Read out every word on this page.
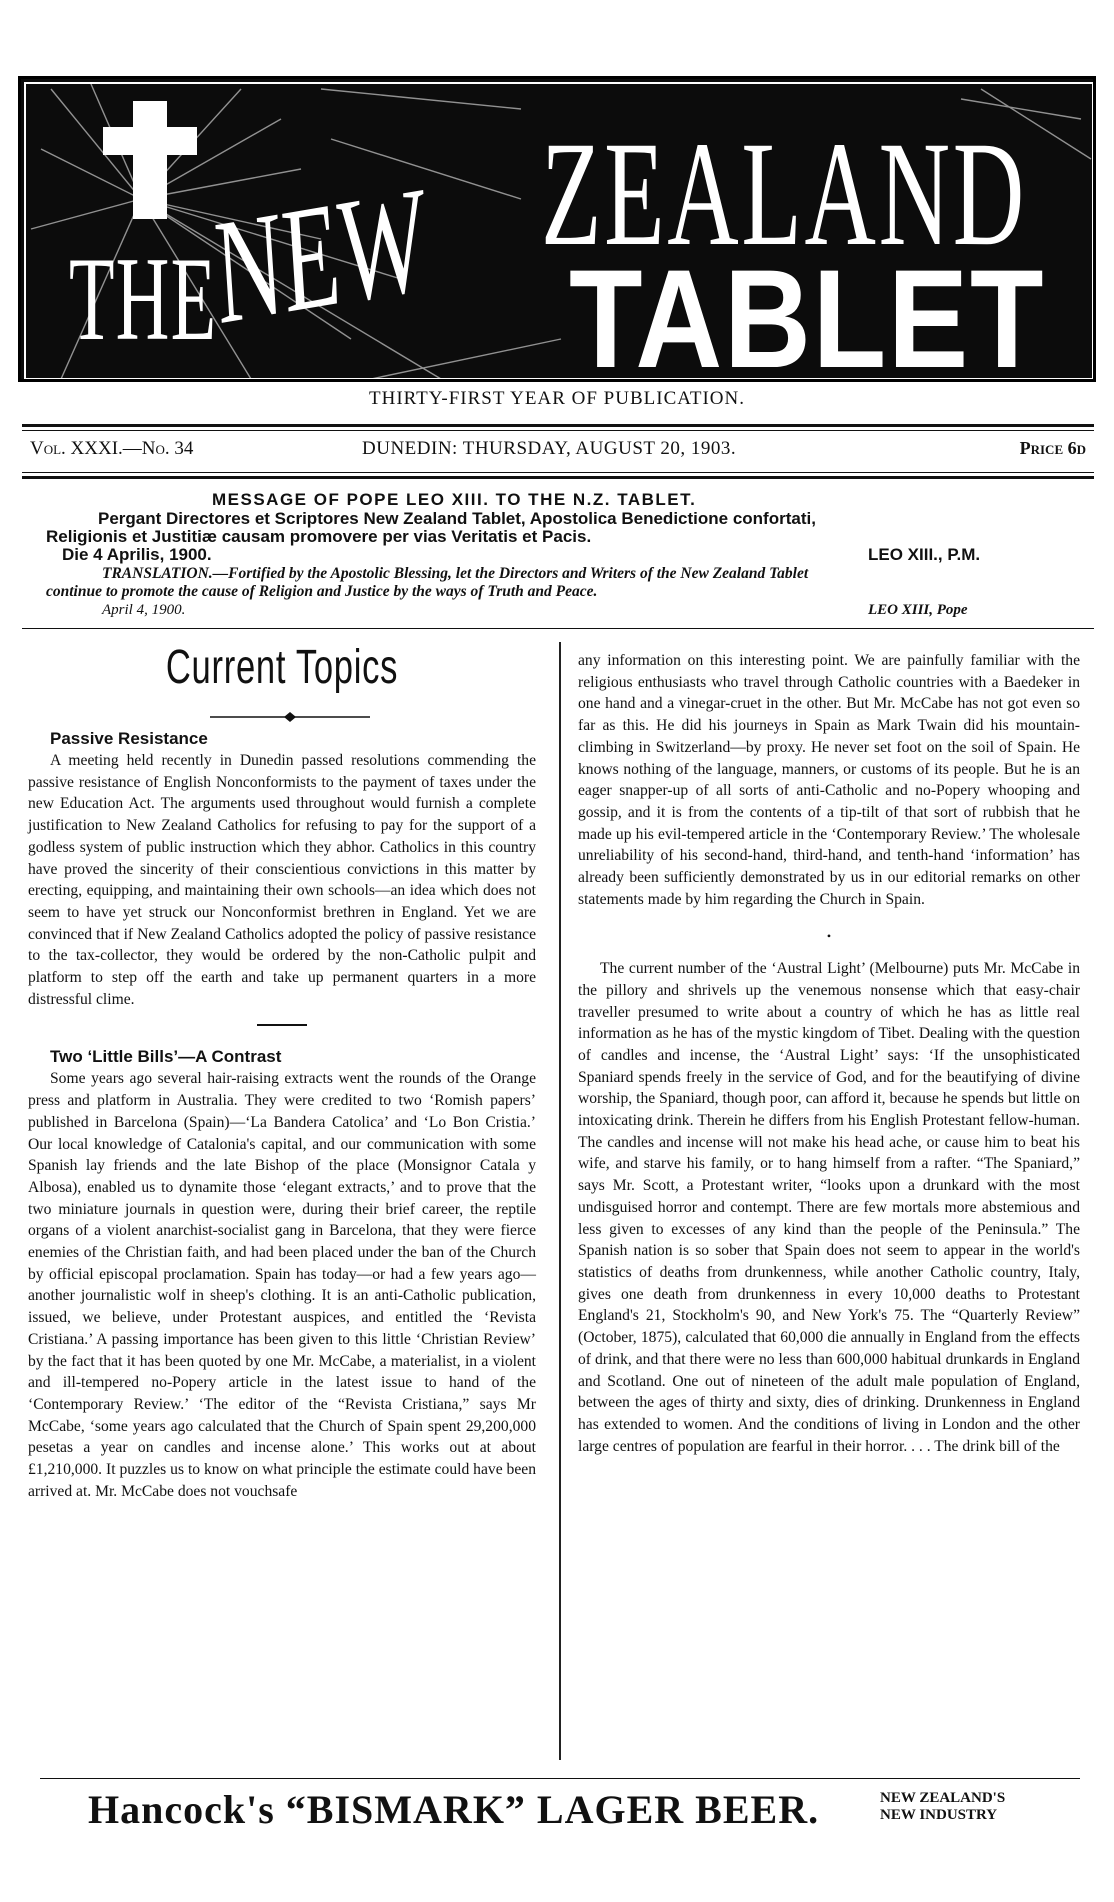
THE
NEW ZEALAND
TABLET
THIRTY-FIRST YEAR OF PUBLICATION.
Vol. XXXI.—No. 34	DUNEDIN: THURSDAY, AUGUST 20, 1903.	Price 6d
MESSAGE OF POPE LEO XIII. TO THE N.Z. TABLET.
Pergant Directores et Scriptores New Zealand Tablet, Apostolica Benedictione confortati,
Religionis et Justitiæ causam promovere per vias Veritatis et Pacis.
Die 4 Aprilis, 1900.	LEO XIII., P.M.
TRANSLATION.—Fortified by the Apostolic Blessing, let the Directors and Writers of the New Zealand Tablet
continue to promote the cause of Religion and Justice by the ways of Truth and Peace.
April 4, 1900.	LEO XIII, Pope
Current Topics

Passive Resistance

A meeting held recently in Dunedin passed resolutions commending the passive resistance of English Nonconformists to the payment of taxes under the new Education Act. The arguments used throughout would furnish a complete justification to New Zealand Catholics for refusing to pay for the support of a godless system of public instruction which they abhor. Catholics in this country have proved the sincerity of their conscientious convictions in this matter by erecting, equipping, and maintaining their own schools—an idea which does not seem to have yet struck our Nonconformist brethren in England. Yet we are convinced that if New Zealand Catholics adopted the policy of passive resistance to the tax-collector, they would be ordered by the non-Catholic pulpit and platform to step off the earth and take up permanent quarters in a more distressful clime.

Two ‘Little Bills’—A Contrast

Some years ago several hair-raising extracts went the rounds of the Orange press and platform in Australia. They were credited to two ‘Romish papers’ published in Barcelona (Spain)—‘La Bandera Catolica’ and ‘Lo Bon Cristia.’ Our local knowledge of Catalonia's capital, and our communication with some Spanish lay friends and the late Bishop of the place (Monsignor Catala y Albosa), enabled us to dynamite those ‘elegant extracts,’ and to prove that the two miniature journals in question were, during their brief career, the reptile organs of a violent anarchist-socialist gang in Barcelona, that they were fierce enemies of the Christian faith, and had been placed under the ban of the Church by official episcopal proclamation. Spain has today—or had a few years ago—another journalistic wolf in sheep's clothing. It is an anti-Catholic publication, issued, we believe, under Protestant auspices, and entitled the ‘Revista Cristiana.’ A passing importance has been given to this little ‘Christian Review’ by the fact that it has been quoted by one Mr. McCabe, a materialist, in a violent and ill-tempered no-Popery article in the latest issue to hand of the ‘Contemporary Review.’ ‘The editor of the “Revista Cristiana,” says Mr McCabe, ‘some years ago calculated that the Church of Spain spent 29,200,000 pesetas a year on candles and incense alone.’ This works out at about £1,210,000. It puzzles us to know on what principle the estimate could have been arrived at. Mr. McCabe does not vouchsafe

any information on this interesting point. We are painfully familiar with the religious enthusiasts who travel through Catholic countries with a Baedeker in one hand and a vinegar-cruet in the other. But Mr. McCabe has not got even so far as this. He did his journeys in Spain as Mark Twain did his mountain-climbing in Switzerland—by proxy. He never set foot on the soil of Spain. He knows nothing of the language, manners, or customs of its people. But he is an eager snapper-up of all sorts of anti-Catholic and no-Popery whooping and gossip, and it is from the contents of a tip-tilt of that sort of rubbish that he made up his evil-tempered article in the ‘Contemporary Review.’ The wholesale unreliability of his second-hand, third-hand, and tenth-hand ‘information’ has already been sufficiently demonstrated by us in our editorial remarks on other statements made by him regarding the Church in Spain.

•

The current number of the ‘Austral Light’ (Melbourne) puts Mr. McCabe in the pillory and shrivels up the venemous nonsense which that easy-chair traveller presumed to write about a country of which he has as little real information as he has of the mystic kingdom of Tibet. Dealing with the question of candles and incense, the ‘Austral Light’ says: ‘If the unsophisticated Spaniard spends freely in the service of God, and for the beautifying of divine worship, the Spaniard, though poor, can afford it, because he spends but little on intoxicating drink. Therein he differs from his English Protestant fellow-human. The candles and incense will not make his head ache, or cause him to beat his wife, and starve his family, or to hang himself from a rafter. “The Spaniard,” says Mr. Scott, a Protestant writer, “looks upon a drunkard with the most undisguised horror and contempt. There are few mortals more abstemious and less given to excesses of any kind than the people of the Peninsula.” The Spanish nation is so sober that Spain does not seem to appear in the world's statistics of deaths from drunkenness, while another Catholic country, Italy, gives one death from drunkenness in every 10,000 deaths to Protestant England's 21, Stockholm's 90, and New York's 75. The “Quarterly Review” (October, 1875), calculated that 60,000 die annually in England from the effects of drink, and that there were no less than 600,000 habitual drunkards in England and Scotland. One out of nineteen of the adult male population of England, between the ages of thirty and sixty, dies of drinking. Drunkenness in England has extended to women. And the conditions of living in London and the other large centres of population are fearful in their horror. . . . The drink bill of the

Hancock's “BISMARK” LAGER BEER.	NEW ZEALAND'S
NEW INDUSTRY
